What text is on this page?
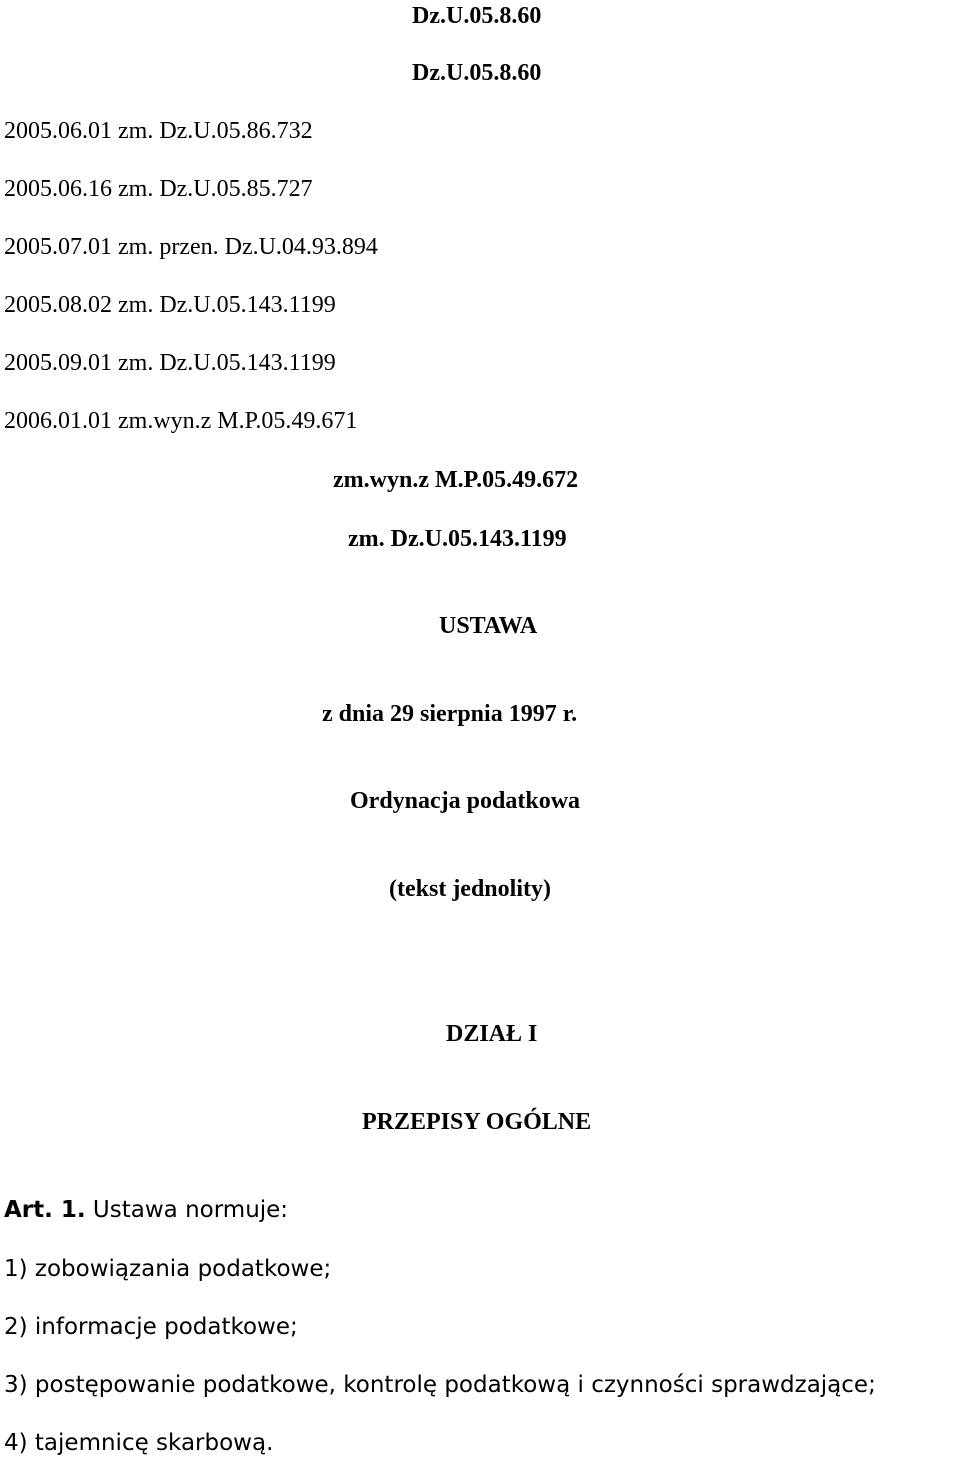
Dz.U.05.8.60
Dz.U.05.8.60
2005.06.01 zm. Dz.U.05.86.732
2005.06.16 zm. Dz.U.05.85.727
2005.07.01 zm. przen. Dz.U.04.93.894
2005.08.02 zm. Dz.U.05.143.1199
2005.09.01 zm. Dz.U.05.143.1199
2006.01.01 zm.wyn.z M.P.05.49.671
zm.wyn.z M.P.05.49.672
zm. Dz.U.05.143.1199
USTAWA
z dnia 29 sierpnia 1997 r.
Ordynacja podatkowa
(tekst jednolity)
DZIAŁ I
PRZEPISY OGÓLNE
Art. 1. Ustawa normuje:
1) zobowiązania podatkowe;
2) informacje podatkowe;
3) postępowanie podatkowe, kontrolę podatkową i czynności sprawdzające;
4) tajemnicę skarbową.
